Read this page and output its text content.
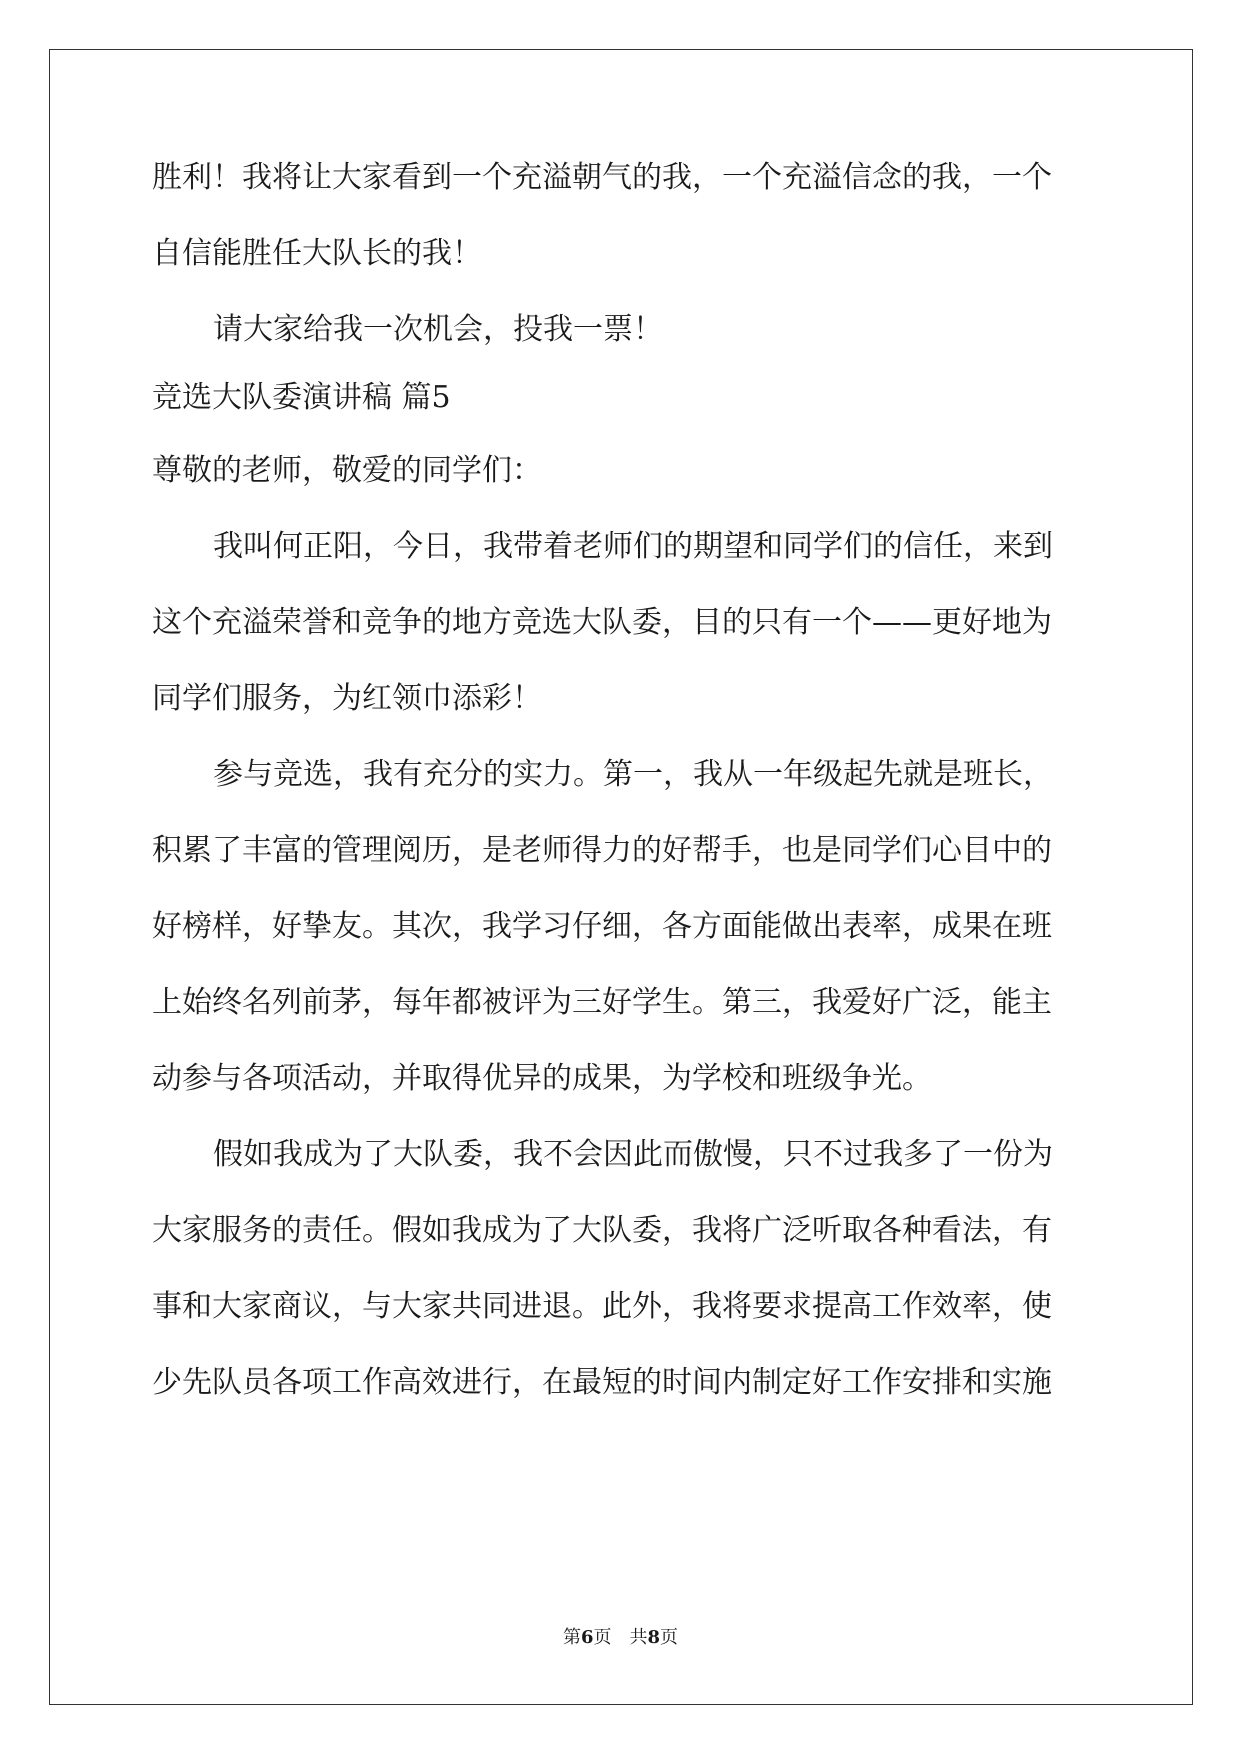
胜利！我将让大家看到一个充溢朝气的我，一个充溢信念的我，一个
自信能胜任大队长的我！
请大家给我一次机会，投我一票！
竞选大队委演讲稿 篇5
尊敬的老师，敬爱的同学们：
我叫何正阳，今日，我带着老师们的期望和同学们的信任，来到
这个充溢荣誉和竞争的地方竞选大队委，目的只有一个——更好地为
同学们服务，为红领巾添彩！
参与竞选，我有充分的实力。第一，我从一年级起先就是班长，
积累了丰富的管理阅历，是老师得力的好帮手，也是同学们心目中的
好榜样，好挚友。其次，我学习仔细，各方面能做出表率，成果在班
上始终名列前茅，每年都被评为三好学生。第三，我爱好广泛，能主
动参与各项活动，并取得优异的成果，为学校和班级争光。
假如我成为了大队委，我不会因此而傲慢，只不过我多了一份为
大家服务的责任。假如我成为了大队委，我将广泛听取各种看法，有
事和大家商议，与大家共同进退。此外，我将要求提高工作效率，使
少先队员各项工作高效进行，在最短的时间内制定好工作安排和实施
第6页　共8页
